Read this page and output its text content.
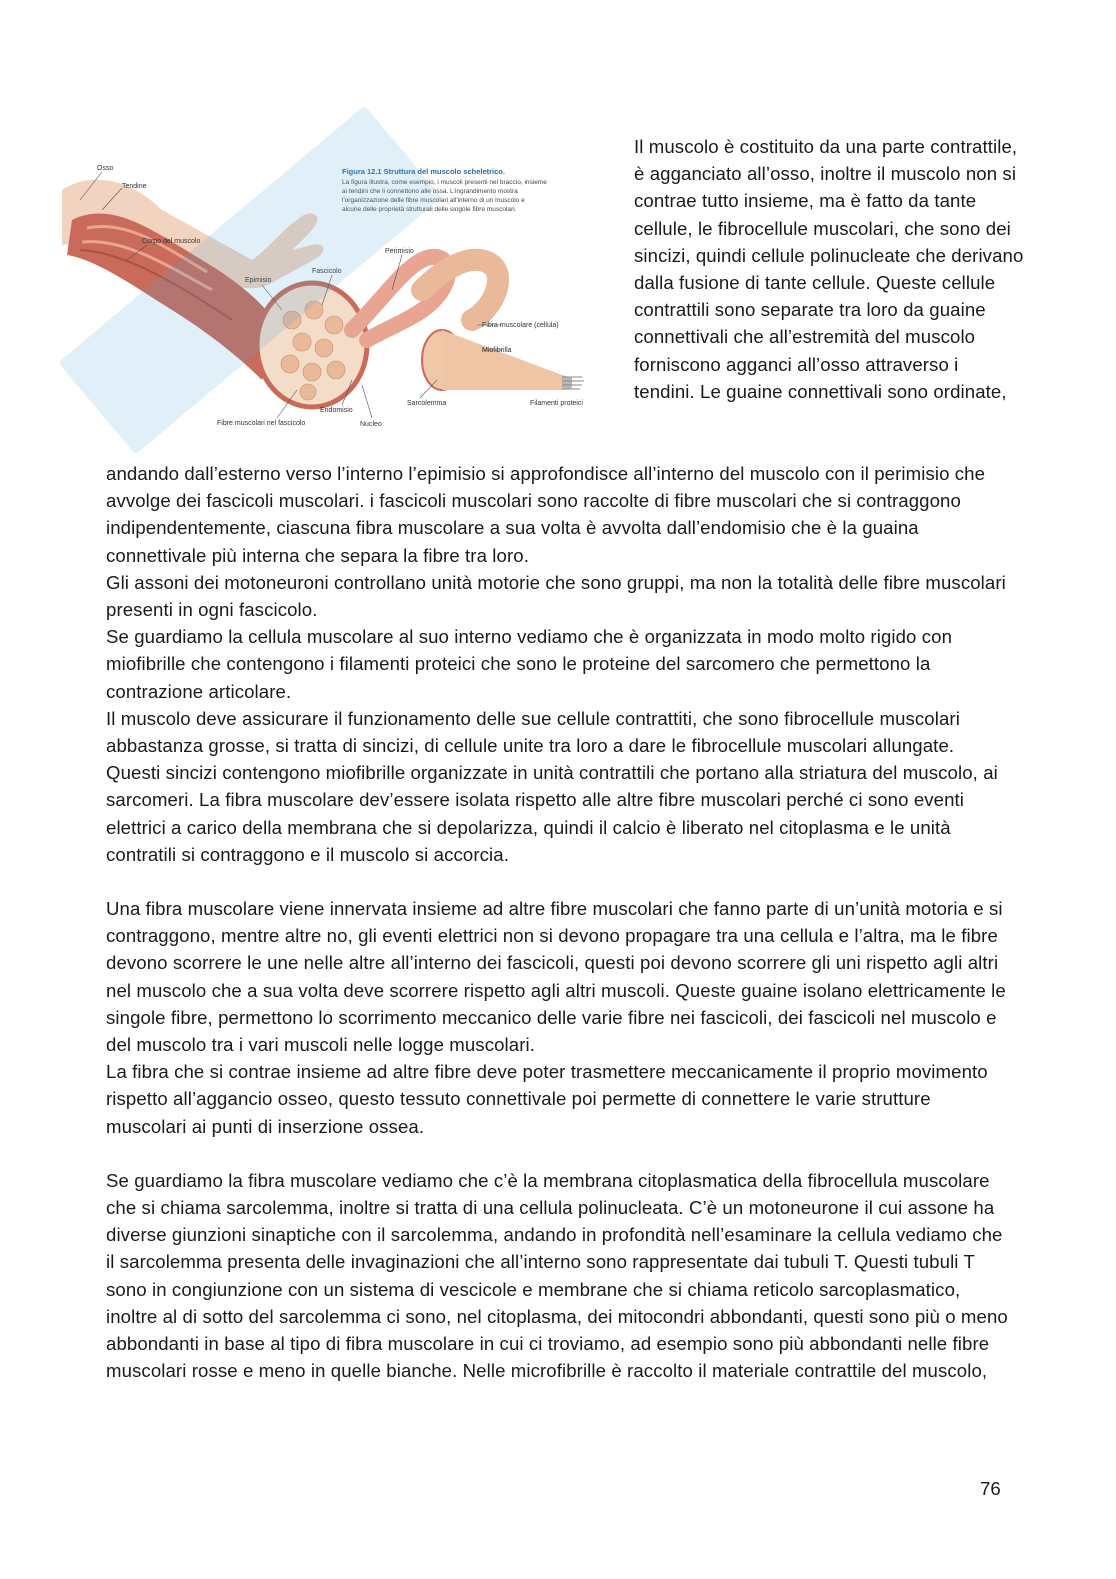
Osso
Tendine
Corpo del muscolo
Epimisio
Fascicolo
Perimisio
Fibra muscolare (cellula)
Miofibrilla
Endomisio
Sarcolemma	Filamenti proteici
Nucleo
Fibre muscolari nel fascicolo
Figura 12.1 Struttura del muscolo scheletrico.
La figura illustra, come esempio, i muscoli presenti nel braccio, insieme
ai tendini che li connettono alle ossa. L'ingrandimento mostra
l'organizzazione delle fibre muscolari all'interno di un muscolo e
alcune delle proprietà strutturali delle singole fibre muscolari.
Il muscolo è costituito da una parte contrattile, è agganciato all’osso, inoltre il muscolo non si contrae tutto insieme, ma è fatto da tante cellule, le fibrocellule muscolari, che sono dei sincizi, quindi cellule polinucleate che derivano dalla fusione di tante cellule. Queste cellule contrattili sono separate tra loro da guaine connettivali che all’estremità del muscolo forniscono agganci all’osso attraverso i tendini. Le guaine connettivali sono ordinate,

andando dall’esterno verso l’interno l’epimisio si approfondisce all’interno del muscolo con il perimisio che avvolge dei fascicoli muscolari. i fascicoli muscolari sono raccolte di fibre muscolari che si contraggono indipendentemente, ciascuna fibra muscolare a sua volta è avvolta dall’endomisio che è la guaina connettivale più interna che separa la fibre tra loro.

Gli assoni dei motoneuroni controllano unità motorie che sono gruppi, ma non la totalità delle fibre muscolari presenti in ogni fascicolo.

Se guardiamo la cellula muscolare al suo interno vediamo che è organizzata in modo molto rigido con miofibrille che contengono i filamenti proteici che sono le proteine del sarcomero che permettono la contrazione articolare.

Il muscolo deve assicurare il funzionamento delle sue cellule contrattiti, che sono fibrocellule muscolari abbastanza grosse, si tratta di sincizi, di cellule unite tra loro a dare le fibrocellule muscolari allungate. Questi sincizi contengono miofibrille organizzate in unità contrattili che portano alla striatura del muscolo, ai sarcomeri. La fibra muscolare dev’essere isolata rispetto alle altre fibre muscolari perché ci sono eventi elettrici a carico della membrana che si depolarizza, quindi il calcio è liberato nel citoplasma e le unità contratili si contraggono e il muscolo si accorcia.

Una fibra muscolare viene innervata insieme ad altre fibre muscolari che fanno parte di un’unità motoria e si contraggono, mentre altre no, gli eventi elettrici non si devono propagare tra una cellula e l’altra, ma le fibre devono scorrere le une nelle altre all’interno dei fascicoli, questi poi devono scorrere gli uni rispetto agli altri nel muscolo che a sua volta deve scorrere rispetto agli altri muscoli. Queste guaine isolano elettricamente le singole fibre, permettono lo scorrimento meccanico delle varie fibre nei fascicoli, dei fascicoli nel muscolo e del muscolo tra i vari muscoli nelle logge muscolari.

La fibra che si contrae insieme ad altre fibre deve poter trasmettere meccanicamente il proprio movimento rispetto all’aggancio osseo, questo tessuto connettivale poi permette di connettere le varie strutture muscolari ai punti di inserzione ossea.

Se guardiamo la fibra muscolare vediamo che c’è la membrana citoplasmatica della fibrocellula muscolare che si chiama sarcolemma, inoltre si tratta di una cellula polinucleata. C’è un motoneurone il cui assone ha diverse giunzioni sinaptiche con il sarcolemma, andando in profondità nell’esaminare la cellula vediamo che il sarcolemma presenta delle invaginazioni che all’interno sono rappresentate dai tubuli T. Questi tubuli T sono in congiunzione con un sistema di vescicole e membrane che si chiama reticolo sarcoplasmatico, inoltre al di sotto del sarcolemma ci sono, nel citoplasma, dei mitocondri abbondanti, questi sono più o meno abbondanti in base al tipo di fibra muscolare in cui ci troviamo, ad esempio sono più abbondanti nelle fibre muscolari rosse e meno in quelle bianche. Nelle microfibrille è raccolto il materiale contrattile del muscolo,

76
